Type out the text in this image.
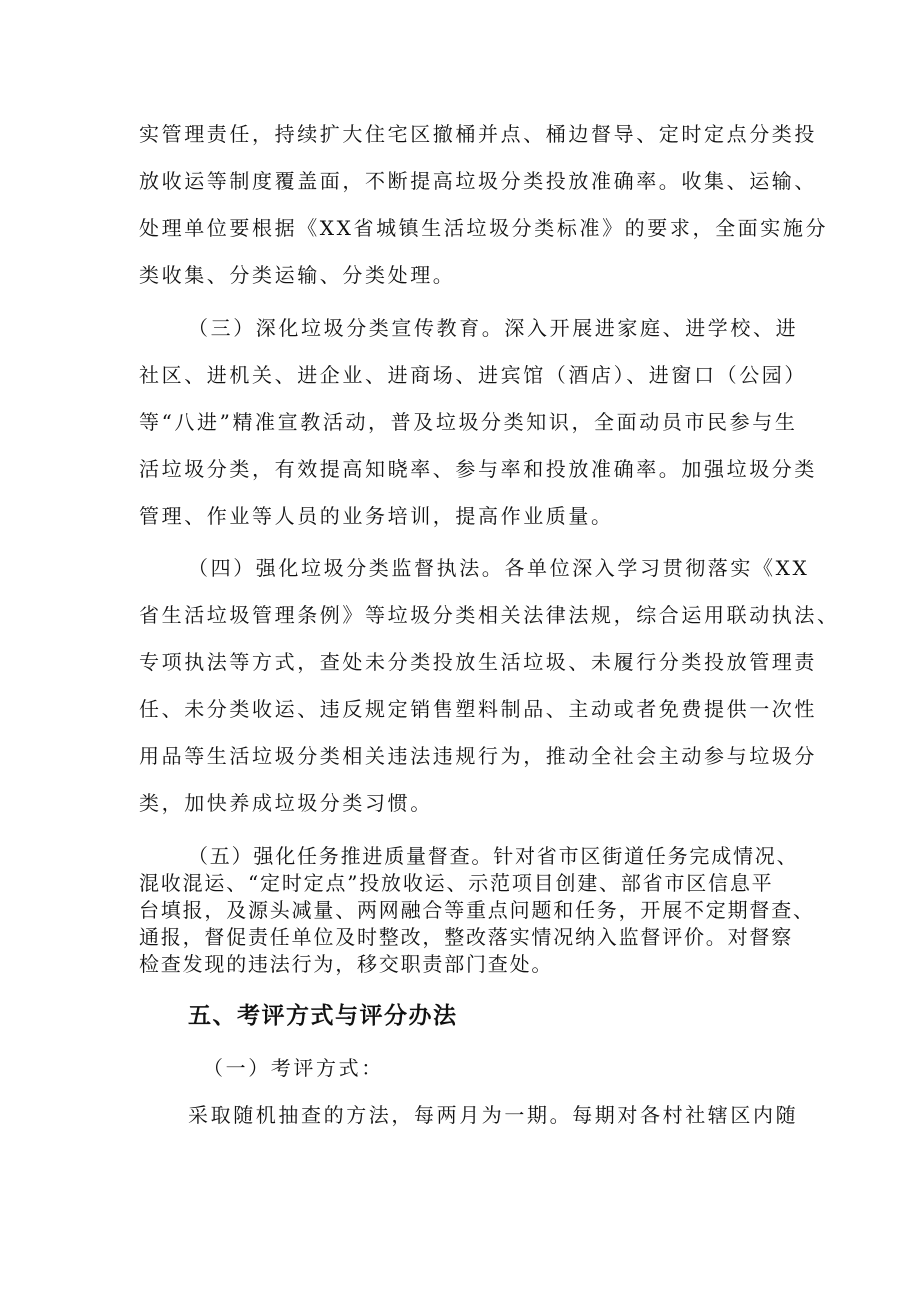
实管理责任，持续扩大住宅区撤桶并点、桶边督导、定时定点分类投
放收运等制度覆盖面，不断提高垃圾分类投放准确率。收集、运输、
处理单位要根据《XX省城镇生活垃圾分类标准》的要求，全面实施分
类收集、分类运输、分类处理。
（三）深化垃圾分类宣传教育。深入开展进家庭、进学校、进
社区、进机关、进企业、进商场、进宾馆（酒店）、进窗口（公园）
等“八进”精准宣教活动，普及垃圾分类知识，全面动员市民参与生
活垃圾分类，有效提高知晓率、参与率和投放准确率。加强垃圾分类
管理、作业等人员的业务培训，提高作业质量。
（四）强化垃圾分类监督执法。各单位深入学习贯彻落实《XX
省生活垃圾管理条例》等垃圾分类相关法律法规，综合运用联动执法、
专项执法等方式，查处未分类投放生活垃圾、未履行分类投放管理责
任、未分类收运、违反规定销售塑料制品、主动或者免费提供一次性
用品等生活垃圾分类相关违法违规行为，推动全社会主动参与垃圾分
类，加快养成垃圾分类习惯。
（五）强化任务推进质量督查。针对省市区街道任务完成情况、
混收混运、“定时定点”投放收运、示范项目创建、部省市区信息平
台填报，及源头减量、两网融合等重点问题和任务，开展不定期督查、
通报，督促责任单位及时整改，整改落实情况纳入监督评价。对督察
检查发现的违法行为，移交职责部门查处。
五、考评方式与评分办法
（一）考评方式：
采取随机抽查的方法，每两月为一期。每期对各村社辖区内随
